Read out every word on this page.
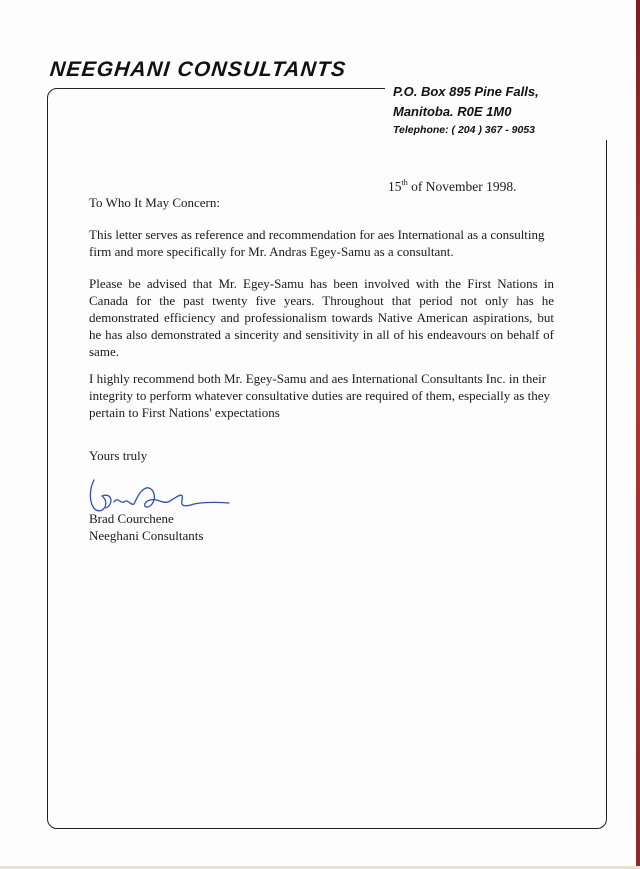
NEEGHANI CONSULTANTS
P.O. Box 895 Pine Falls,
Manitoba. R0E 1M0
Telephone: ( 204 ) 367 - 9053
15th of November 1998.
To Who It May Concern:
This letter serves as reference and recommendation for aes International as a consulting firm and more specifically for Mr. Andras Egey-Samu as a consultant.
Please be advised that Mr. Egey-Samu has been involved with the First Nations in Canada for the past twenty five years. Throughout that period not only has he demonstrated efficiency and professionalism towards Native American aspirations, but he has also demonstrated a sincerity and sensitivity in all of his endeavours on behalf of same.
I highly recommend both Mr. Egey-Samu and aes International Consultants Inc. in their integrity to perform whatever consultative duties are required of them, especially as they pertain to First Nations' expectations
Yours truly
Brad Courchene
Neeghani Consultants
